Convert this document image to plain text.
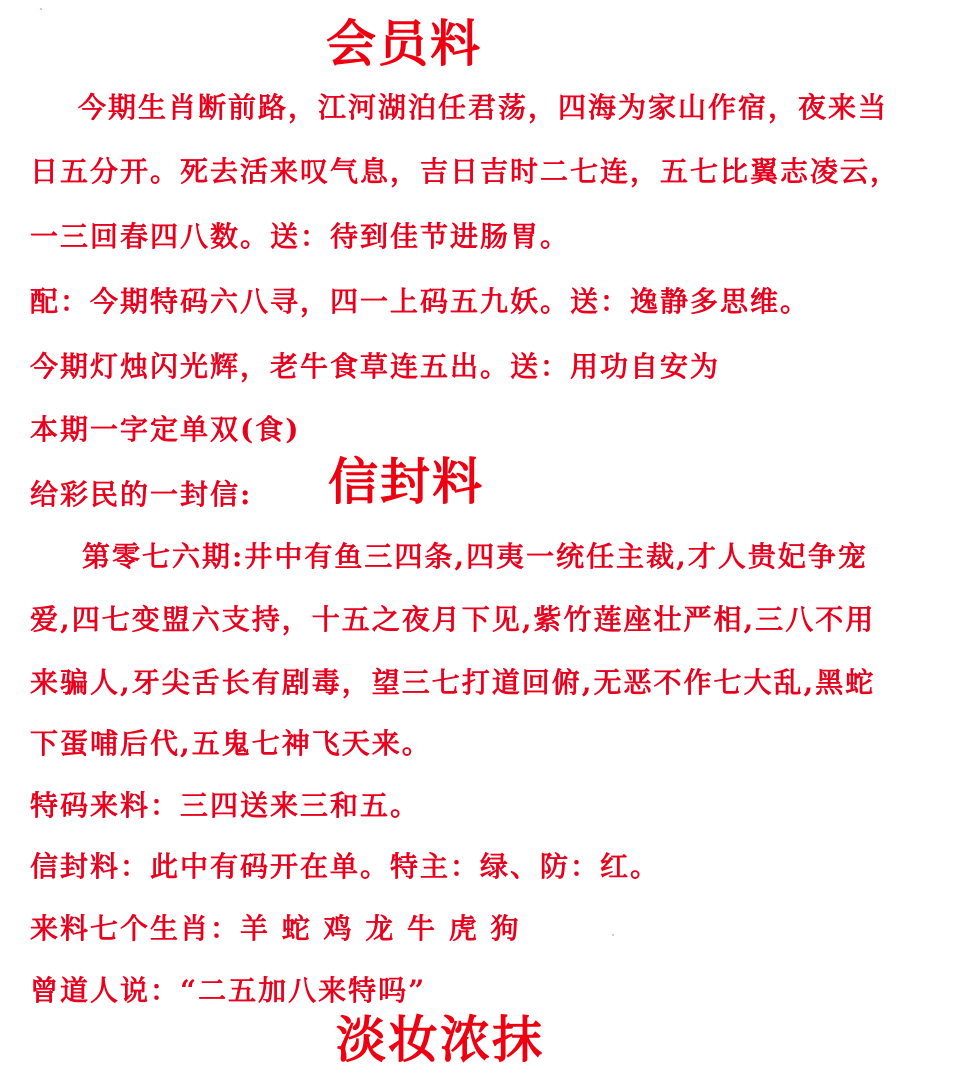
会员料
今期生肖断前路，江河湖泊任君荡，四海为家山作宿，夜来当
日五分开。死去活来叹气息，吉日吉时二七连，五七比翼志凌云，
一三回春四八数。送：待到佳节进肠胃。
配：今期特码六八寻，四一上码五九妖。送：逸静多思维。
今期灯烛闪光辉，老牛食草连五出。送：用功自安为
本期一字定单双(食)
给彩民的一封信: 信封料
第零七六期:井中有鱼三四条,四夷一统任主裁,才人贵妃争宠
爱,四七变盟六支持，十五之夜月下见,紫竹莲座壮严相,三八不用
来骗人,牙尖舌长有剧毒，望三七打道回俯,无恶不作七大乱,黑蛇
下蛋哺后代,五鬼七神飞天来。
特码来料：三四送来三和五。
信封料：此中有码开在单。特主：绿、防：红。
来料七个生肖：羊 蛇 鸡 龙 牛 虎 狗
曾道人说：“二五加八来特吗”
淡妆浓抹
